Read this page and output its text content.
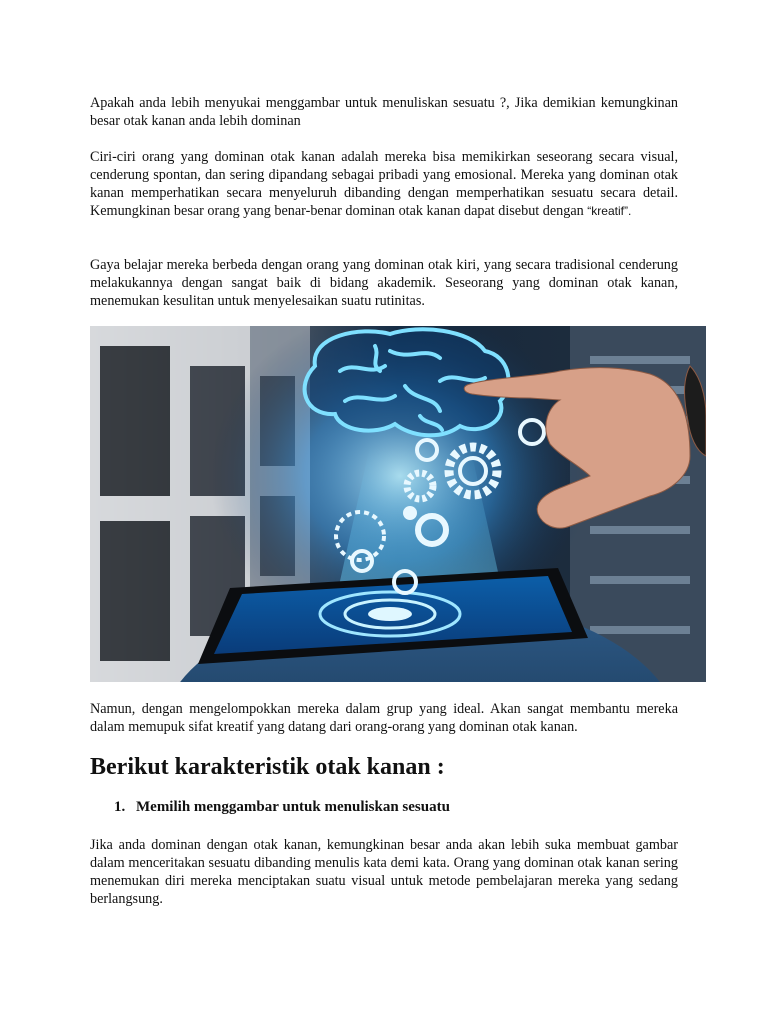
Apakah anda lebih menyukai menggambar untuk menuliskan sesuatu ?, Jika demikian kemungkinan besar otak kanan anda lebih dominan

Ciri-ciri orang yang dominan otak kanan adalah mereka bisa memikirkan seseorang secara visual, cenderung spontan, dan sering dipandang sebagai pribadi yang emosional. Mereka yang dominan otak kanan memperhatikan secara menyeluruh dibanding dengan memperhatikan sesuatu secara detail. Kemungkinan besar orang yang benar-benar dominan otak kanan dapat disebut dengan “kreatif”.

Gaya belajar mereka berbeda dengan orang yang dominan otak kiri, yang secara tradisional cenderung melakukannya dengan sangat baik di bidang akademik. Seseorang yang dominan otak kanan, menemukan kesulitan untuk menyelesaikan suatu rutinitas.

Namun, dengan mengelompokkan mereka dalam grup yang ideal. Akan sangat membantu mereka dalam memupuk sifat kreatif yang datang dari orang-orang yang dominan otak kanan.

Berikut karakteristik otak kanan :
1. Memilih menggambar untuk menuliskan sesuatu

Jika anda dominan dengan otak kanan, kemungkinan besar anda akan lebih suka membuat gambar dalam menceritakan sesuatu dibanding menulis kata demi kata. Orang yang dominan otak kanan sering menemukan diri mereka menciptakan suatu visual untuk metode pembelajaran mereka yang sedang berlangsung.
